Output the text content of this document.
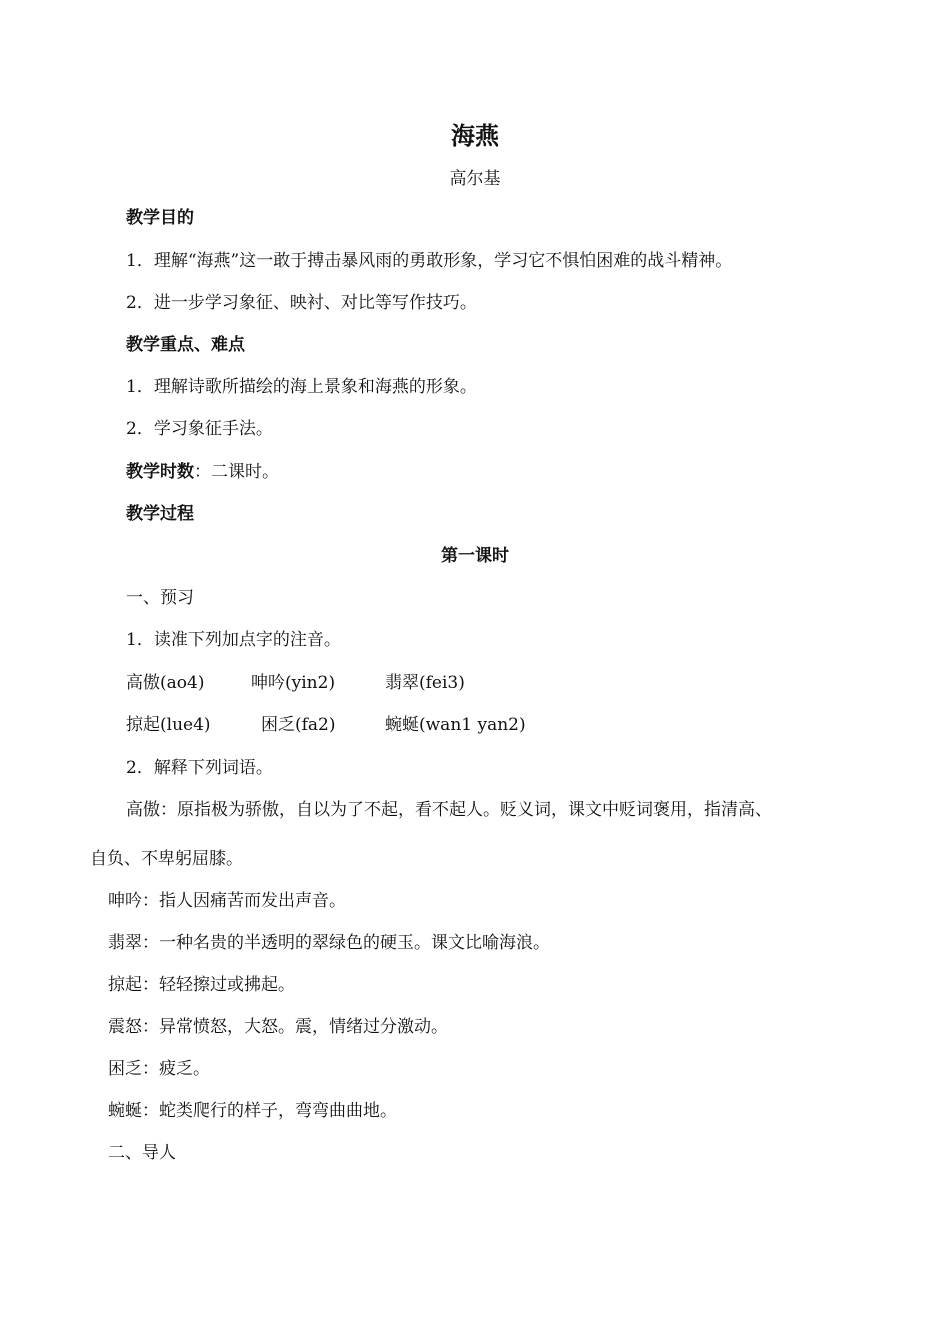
海燕
高尔基
教学目的
1．理解“海燕”这一敢于搏击暴风雨的勇敢形象，学习它不惧怕困难的战斗精神。
2．进一步学习象征、映衬、对比等写作技巧。
教学重点、难点
1．理解诗歌所描绘的海上景象和海燕的形象。
2．学习象征手法。
教学时数：二课时。
教学过程
第一课时
一、预习
1．读准下列加点字的注音。
高傲(ao4)	呻吟(yin2)	翡翠(fei3)
掠起(lue4)	困乏(fa2)	蜿蜒(wan1 yan2)
2．解释下列词语。
高傲：原指极为骄傲，自以为了不起，看不起人。贬义词，课文中贬词褒用，指清高、
自负、不卑躬屈膝。
呻吟：指人因痛苦而发出声音。
翡翠：一种名贵的半透明的翠绿色的硬玉。课文比喻海浪。
掠起：轻轻擦过或拂起。
震怒：异常愤怒，大怒。震，情绪过分激动。
困乏：疲乏。
蜿蜒：蛇类爬行的样子，弯弯曲曲地。
二、导人
